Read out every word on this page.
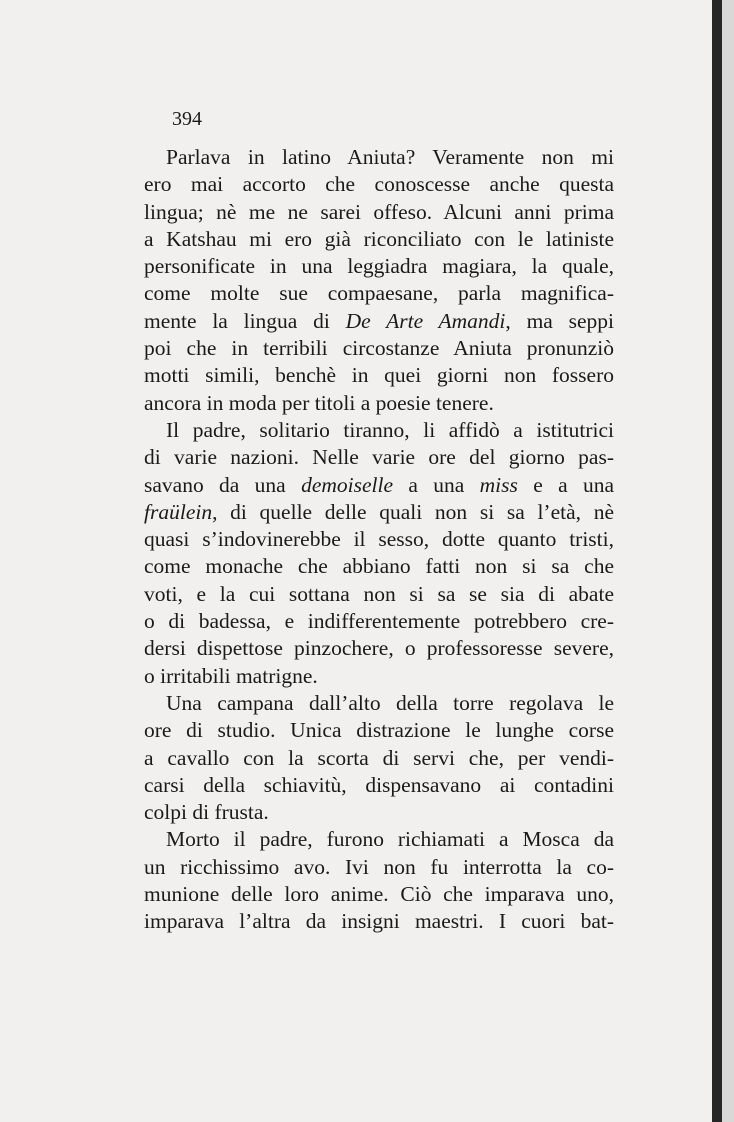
394
Parlava in latino Aniuta? Veramente non mi
ero mai accorto che conoscesse anche questa
lingua; nè me ne sarei offeso. Alcuni anni prima
a Katshau mi ero già riconciliato con le latiniste
personificate in una leggiadra magiara, la quale,
come molte sue compaesane, parla magnifica-
mente la lingua di De Arte Amandi, ma seppi
poi che in terribili circostanze Aniuta pronunziò
motti simili, benchè in quei giorni non fossero
ancora in moda per titoli a poesie tenere.
Il padre, solitario tiranno, li affidò a istitutrici
di varie nazioni. Nelle varie ore del giorno pas-
savano da una demoiselle a una miss e a una
fraülein, di quelle delle quali non si sa l’età, nè
quasi s’indovinerebbe il sesso, dotte quanto tristi,
come monache che abbiano fatti non si sa che
voti, e la cui sottana non si sa se sia di abate
o di badessa, e indifferentemente potrebbero cre-
dersi dispettose pinzochere, o professoresse severe,
o irritabili matrigne.
Una campana dall’alto della torre regolava le
ore di studio. Unica distrazione le lunghe corse
a cavallo con la scorta di servi che, per vendi-
carsi della schiavitù, dispensavano ai contadini
colpi di frusta.
Morto il padre, furono richiamati a Mosca da
un ricchissimo avo. Ivi non fu interrotta la co-
munione delle loro anime. Ciò che imparava uno,
imparava l’altra da insigni maestri. I cuori bat-
